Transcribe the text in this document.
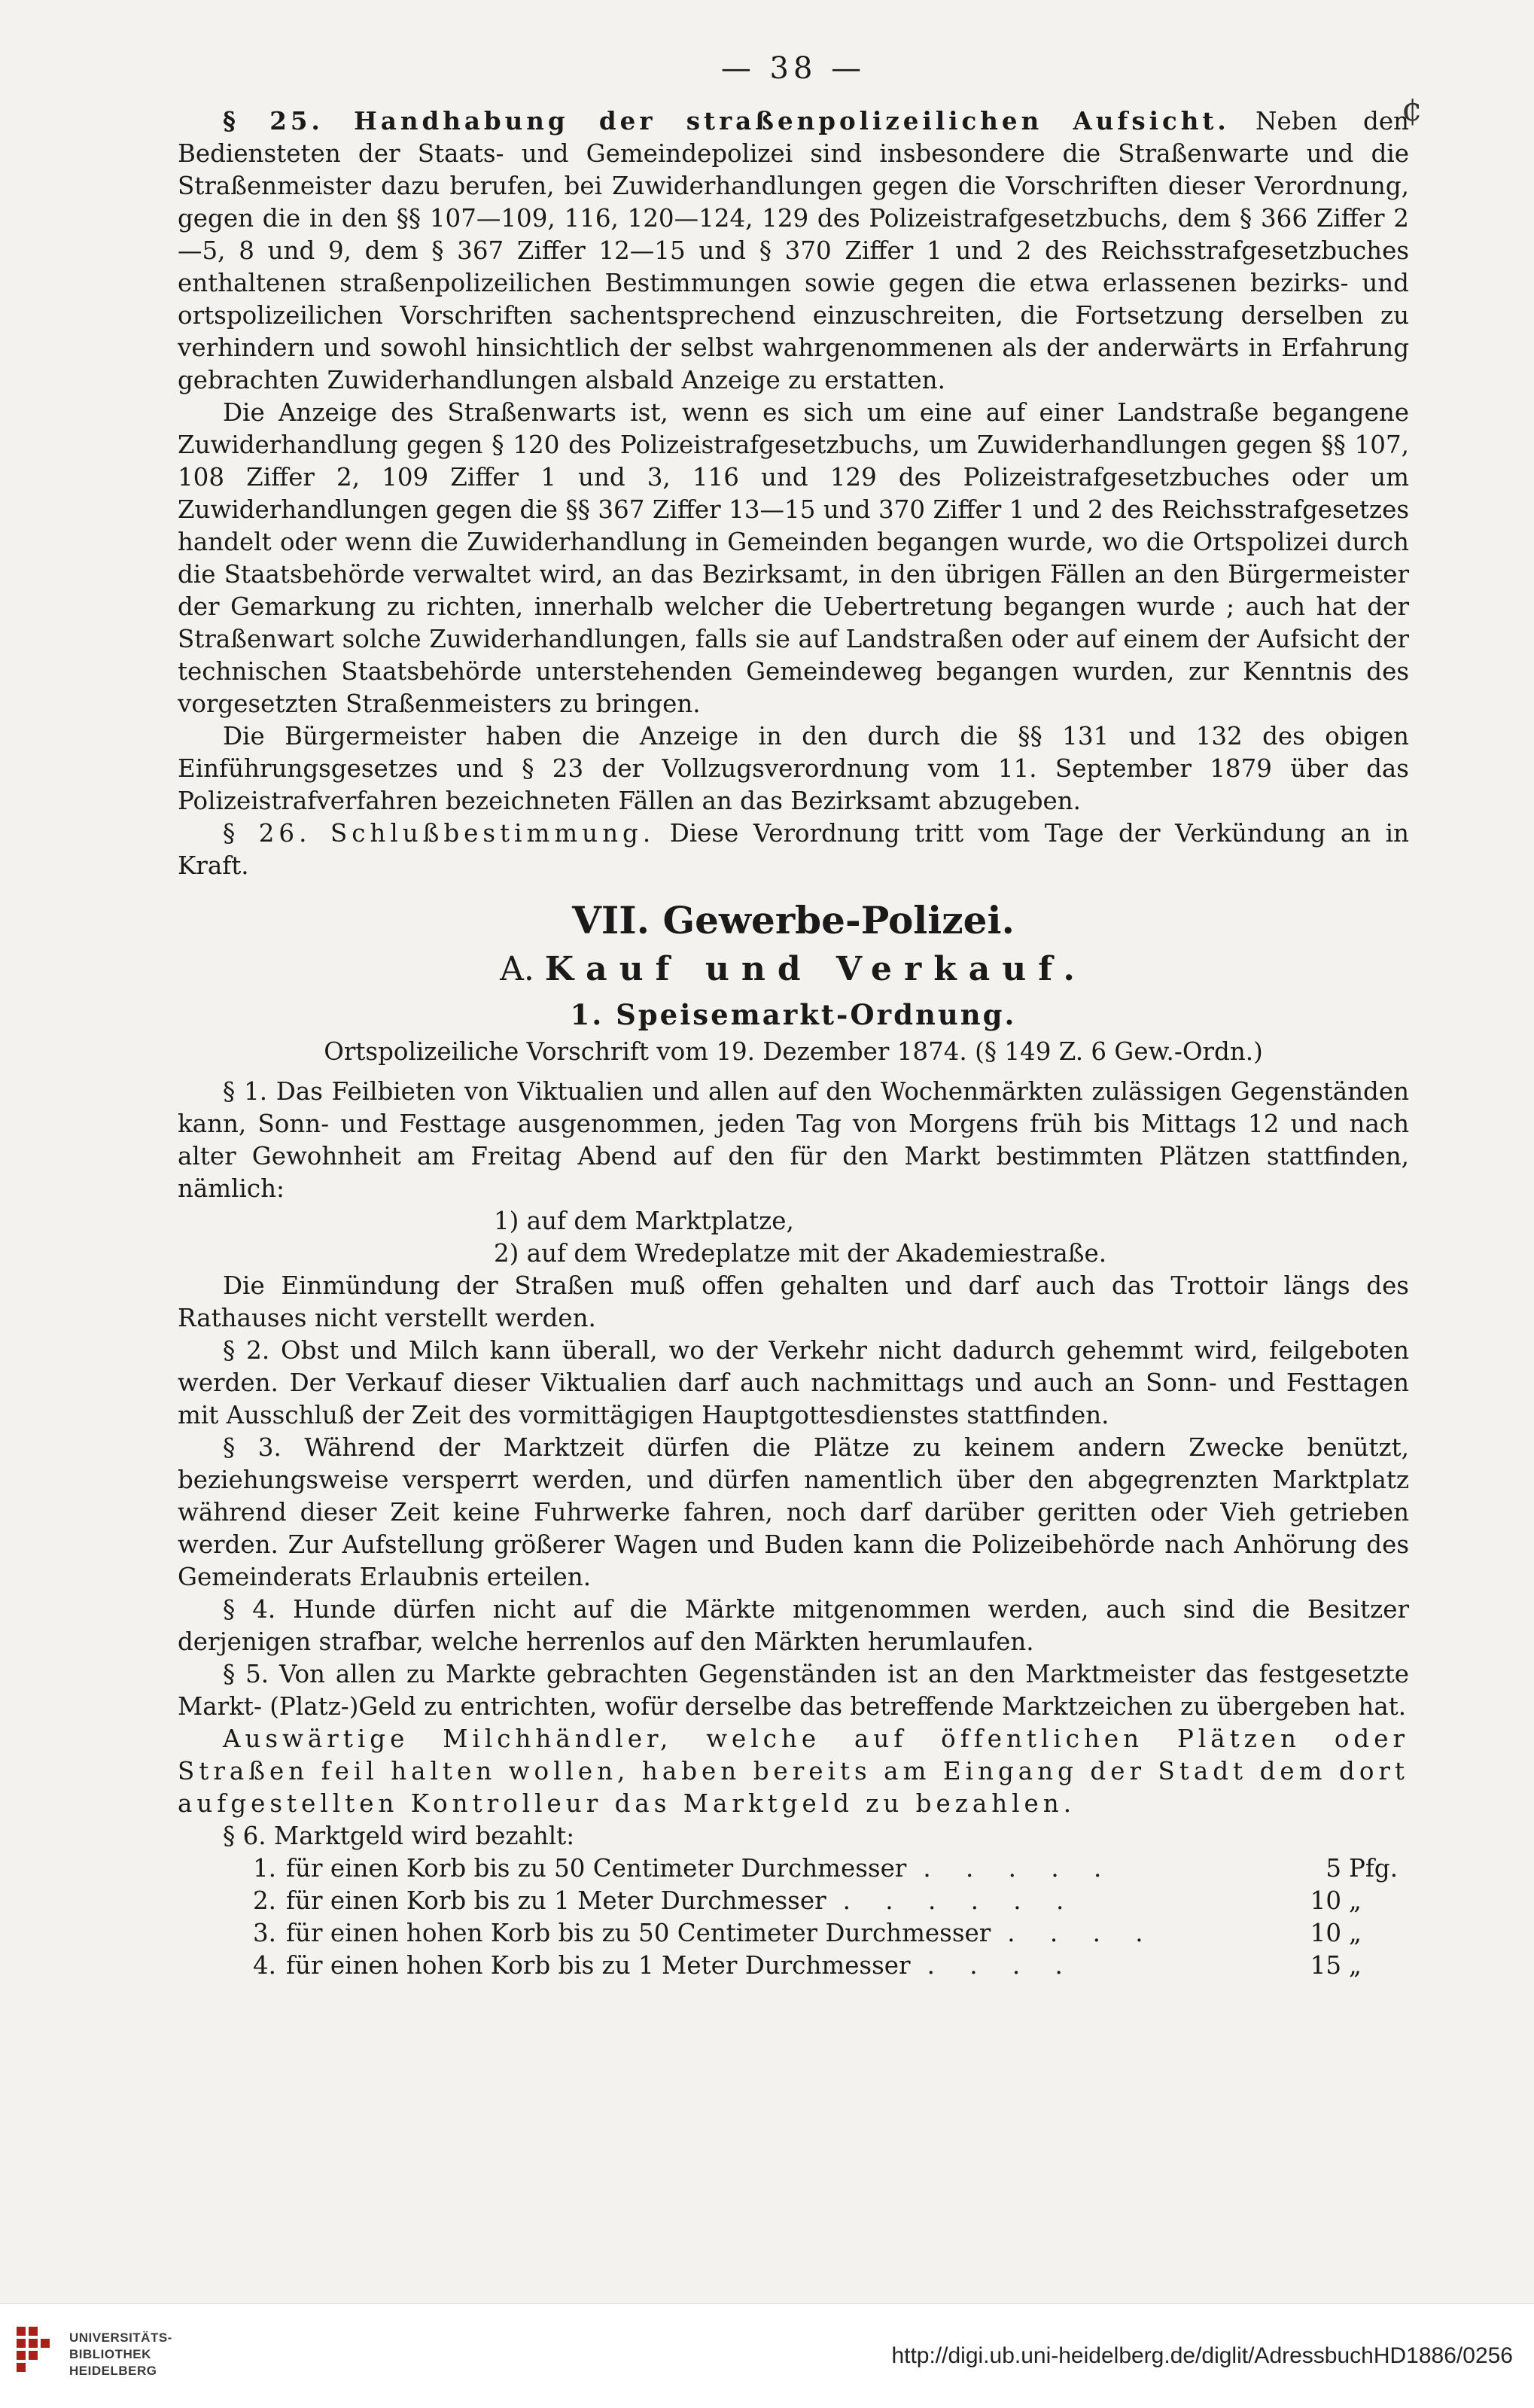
¢
— 38 —

§ 25. Handhabung der straßenpolizeilichen Aufsicht. Neben den Bediensteten der Staats- und Gemeindepolizei sind insbesondere die Straßenwarte und die Straßenmeister dazu berufen, bei Zuwiderhandlungen gegen die Vorschriften dieser Verordnung, gegen die in den §§ 107—109, 116, 120—124, 129 des Polizeistrafgesetzbuchs, dem § 366 Ziffer 2—5, 8 und 9, dem § 367 Ziffer 12—15 und § 370 Ziffer 1 und 2 des Reichsstrafgesetzbuches enthaltenen straßenpolizeilichen Bestimmungen sowie gegen die etwa erlassenen bezirks- und ortspolizeilichen Vorschriften sachentsprechend einzuschreiten, die Fortsetzung derselben zu verhindern und sowohl hinsichtlich der selbst wahrgenommenen als der anderwärts in Erfahrung gebrachten Zuwiderhandlungen alsbald Anzeige zu erstatten.

Die Anzeige des Straßenwarts ist, wenn es sich um eine auf einer Landstraße begangene Zuwiderhandlung gegen § 120 des Polizeistrafgesetzbuchs, um Zuwiderhandlungen gegen §§ 107, 108 Ziffer 2, 109 Ziffer 1 und 3, 116 und 129 des Polizeistrafgesetzbuches oder um Zuwiderhandlungen gegen die §§ 367 Ziffer 13—15 und 370 Ziffer 1 und 2 des Reichsstrafgesetzes handelt oder wenn die Zuwiderhandlung in Gemeinden begangen wurde, wo die Ortspolizei durch die Staatsbehörde verwaltet wird, an das Bezirksamt, in den übrigen Fällen an den Bürgermeister der Gemarkung zu richten, innerhalb welcher die Uebertretung begangen wurde ; auch hat der Straßenwart solche Zuwiderhandlungen, falls sie auf Landstraßen oder auf einem der Aufsicht der technischen Staatsbehörde unterstehenden Gemeindeweg begangen wurden, zur Kenntnis des vorgesetzten Straßenmeisters zu bringen.

Die Bürgermeister haben die Anzeige in den durch die §§ 131 und 132 des obigen Einführungsgesetzes und § 23 der Vollzugsverordnung vom 11. September 1879 über das Polizeistrafverfahren bezeichneten Fällen an das Bezirksamt abzugeben.

§ 26. Schlußbestimmung. Diese Verordnung tritt vom Tage der Verkündung an in Kraft.

VII. Gewerbe-Polizei.
A. Kauf und Verkauf.
1. Speisemarkt-Ordnung.
Ortspolizeiliche Vorschrift vom 19. Dezember 1874. (§ 149 Z. 6 Gew.-Ordn.)

§ 1. Das Feilbieten von Viktualien und allen auf den Wochenmärkten zulässigen Gegenständen kann, Sonn- und Festtage ausgenommen, jeden Tag von Morgens früh bis Mittags 12 und nach alter Gewohnheit am Freitag Abend auf den für den Markt bestimmten Plätzen stattfinden, nämlich:

1) auf dem Marktplatze,

2) auf dem Wredeplatze mit der Akademiestraße.

Die Einmündung der Straßen muß offen gehalten und darf auch das Trottoir längs des Rathauses nicht verstellt werden.

§ 2. Obst und Milch kann überall, wo der Verkehr nicht dadurch gehemmt wird, feilgeboten werden. Der Verkauf dieser Viktualien darf auch nachmittags und auch an Sonn- und Festtagen mit Ausschluß der Zeit des vormittägigen Hauptgottesdienstes stattfinden.

§ 3. Während der Marktzeit dürfen die Plätze zu keinem andern Zwecke benützt, beziehungsweise versperrt werden, und dürfen namentlich über den abgegrenzten Marktplatz während dieser Zeit keine Fuhrwerke fahren, noch darf darüber geritten oder Vieh getrieben werden. Zur Aufstellung größerer Wagen und Buden kann die Polizeibehörde nach Anhörung des Gemeinderats Erlaubnis erteilen.

§ 4. Hunde dürfen nicht auf die Märkte mitgenommen werden, auch sind die Besitzer derjenigen strafbar, welche herrenlos auf den Märkten herumlaufen.

§ 5. Von allen zu Markte gebrachten Gegenständen ist an den Marktmeister das festgesetzte Markt- (Platz-)Geld zu entrichten, wofür derselbe das betreffende Marktzeichen zu übergeben hat.

Auswärtige Milchhändler, welche auf öffentlichen Plätzen oder Straßen feil halten wollen, haben bereits am Eingang der Stadt dem dort aufgestellten Kontrolleur das Marktgeld zu bezahlen.

§ 6. Marktgeld wird bezahlt:

1. für einen Korb bis zu 50 Centimeter Durchmesser . . . . .	5 Pfg.
2. für einen Korb bis zu 1 Meter Durchmesser . . . . . .	10 „
3. für einen hohen Korb bis zu 50 Centimeter Durchmesser . . . .	10 „
4. für einen hohen Korb bis zu 1 Meter Durchmesser . . . .	15 „
UNIVERSITÄTS-
BIBLIOTHEK
HEIDELBERG
http://digi.ub.uni-heidelberg.de/diglit/AdressbuchHD1886/0256
